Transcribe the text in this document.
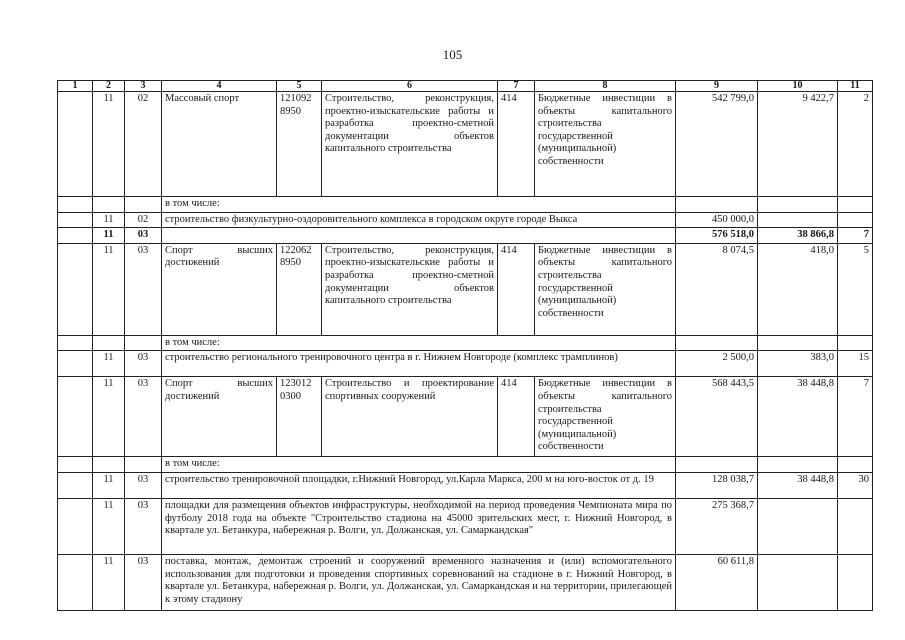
105
1	2	3	4	5	6	7	8	9	10	11
	11	02	Массовый спорт	121092 8950	Строительство, реконструкция, проектно-изыскательские работы и разработка проектно-сметной документации объектов капитального строительства	414	Бюджетные инвестиции в объекты капитального строительства государственной (муниципальной) собственности	542 799,0	9 422,7	2
			в том числе:							
	11	02	строительство физкультурно-оздоровительного комплекса в городском округе городе Выкса					450 000,0		
	11	03						576 518,0	38 866,8	7
	11	03	Спорт высших достижений	122062 8950	Строительство, реконструкция, проектно-изыскательские работы и разработка проектно-сметной документации объектов капитального строительства	414	Бюджетные инвестиции в объекты капитального строительства государственной (муниципальной) собственности	8 074,5	418,0	5
			в том числе:							
	11	03	строительство регионального тренировочного центра в г. Нижнем Новгороде (комплекс трамплинов)					2 500,0	383,0	15
	11	03	Спорт высших достижений	123012 0300	Строительство и проектирование спортивных сооружений	414	Бюджетные инвестиции в объекты капитального строительства государственной (муниципальной) собственности	568 443,5	38 448,8	7
			в том числе:							
	11	03	строительство тренировочной площадки, г.Нижний Новгород, ул.Карла Маркса, 200 м на юго-восток от д. 19					128 038,7	38 448,8	30
	11	03	площадки для размещения объектов инфраструктуры, необходимой на период проведения Чемпионата мира по футболу 2018 года на объекте "Строительство стадиона на 45000 зрительских мест, г. Нижний Новгород, в квартале ул. Бетанкура, набережная р. Волги, ул. Должанская, ул. Самаркандская"					275 368,7		
	11	03	поставка, монтаж, демонтаж строений и сооружений временного назначения и (или) вспомогательного использования для подготовки и проведения спортивных соревнований на стадионе в г. Нижний Новгород, в квартале ул. Бетанкура, набережная р. Волги, ул. Должанская, ул. Самаркандская и на территории, прилегающей к этому стадиону					60 611,8		
